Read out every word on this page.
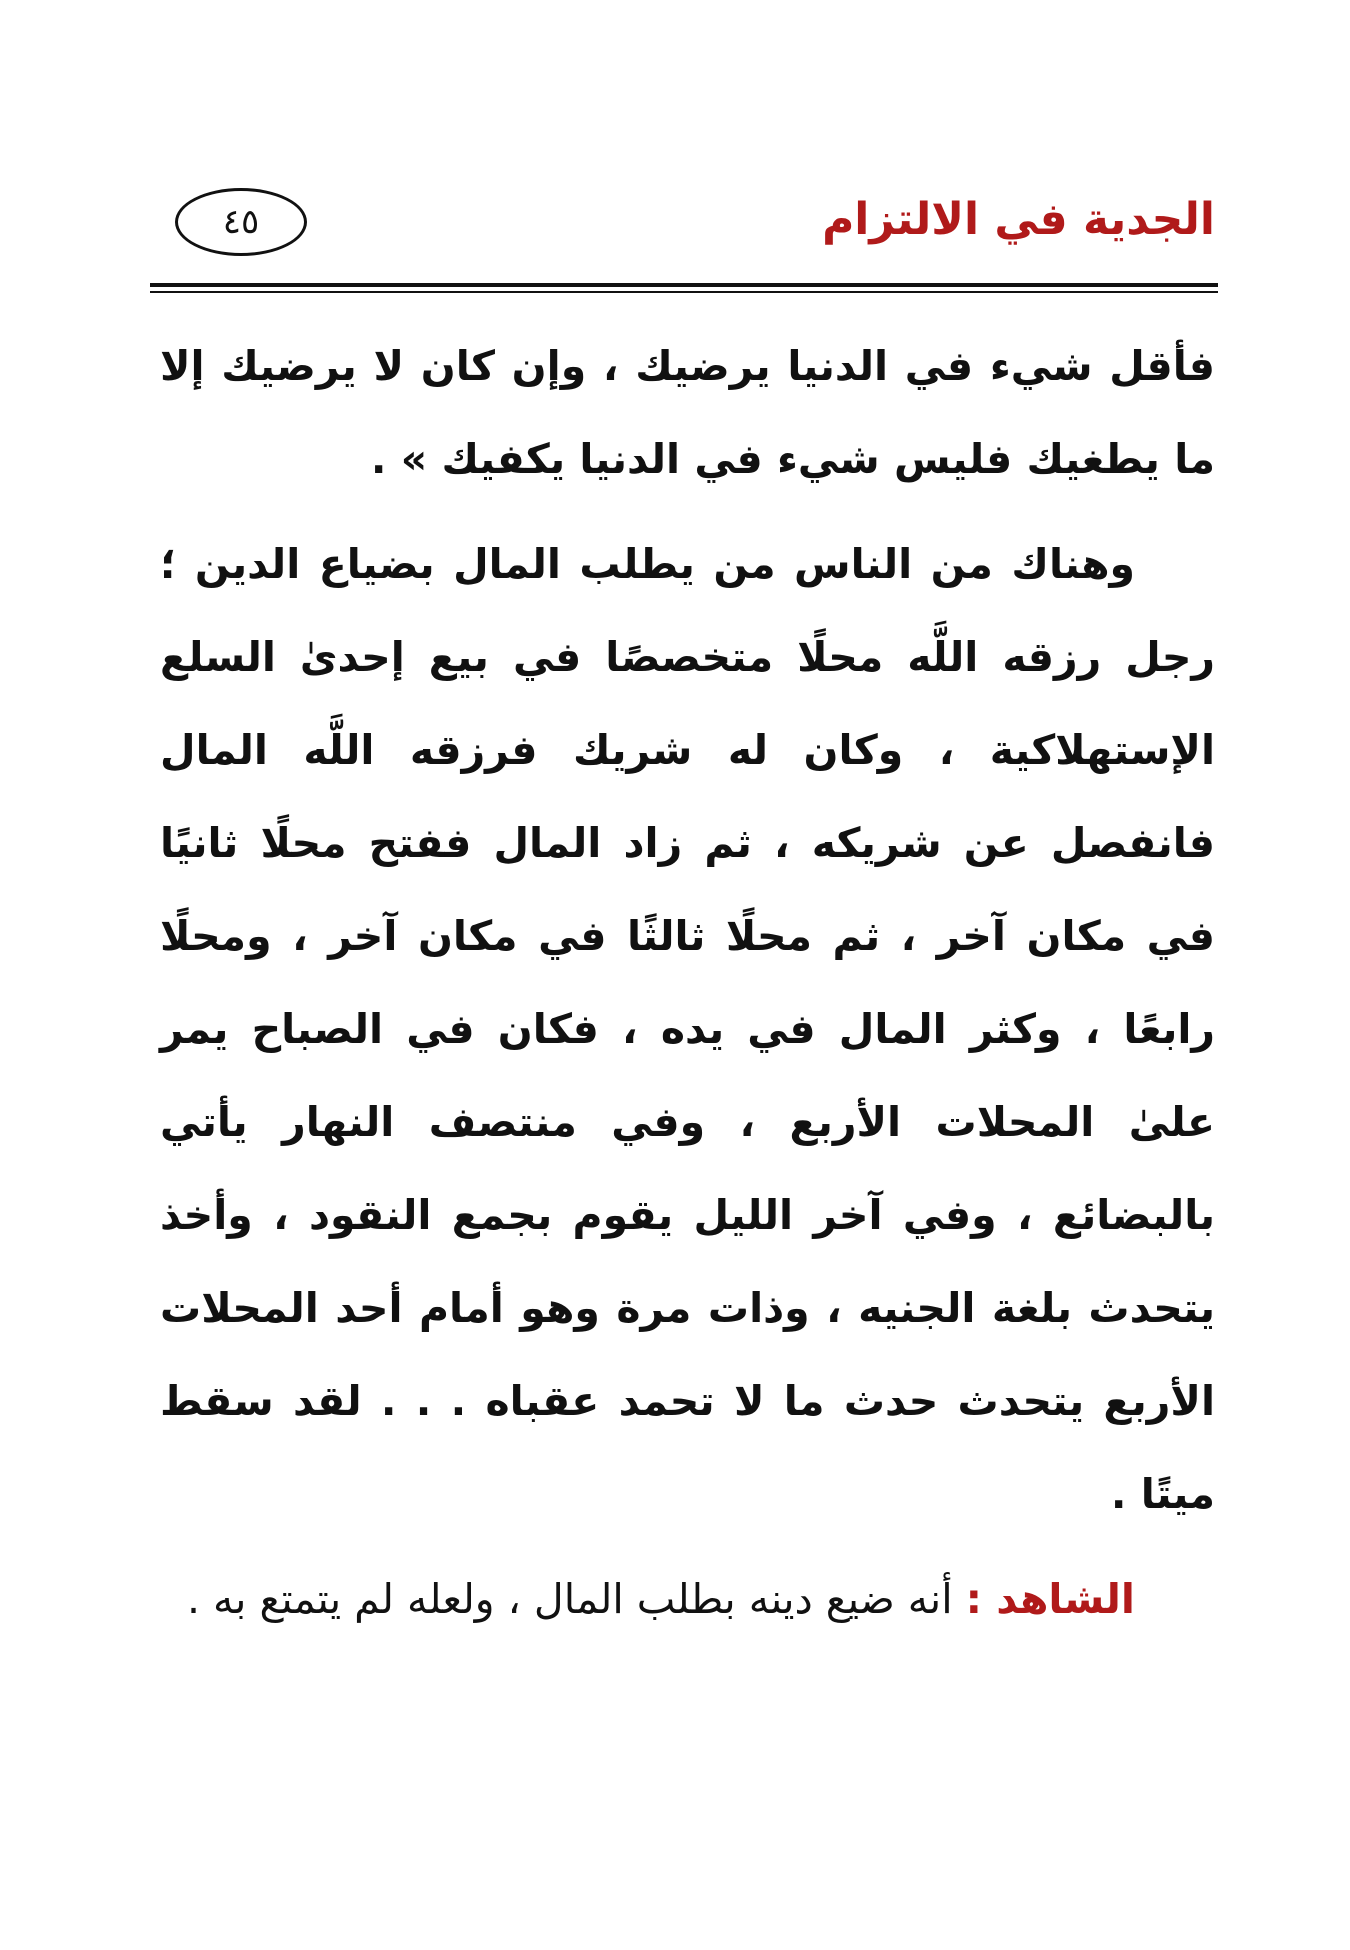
الجدية في الالتزام
٤٥

فأقل شيء في الدنيا يرضيك ، وإن كان لا يرضيك إلا ما يطغيك فليس شيء في الدنيا يكفيك » .

وهناك من الناس من يطلب المال بضياع الدين ؛ رجل رزقه اللَّه محلًا متخصصًا في بيع إحدىٰ السلع الإستهلاكية ، وكان له شريك فرزقه اللَّه المال فانفصل عن شريكه ، ثم زاد المال ففتح محلًا ثانيًا في مكان آخر ، ثم محلًا ثالثًا في مكان آخر ، ومحلًا رابعًا ، وكثر المال في يده ، فكان في الصباح يمر علىٰ المحلات الأربع ، وفي منتصف النهار يأتي بالبضائع ، وفي آخر الليل يقوم بجمع النقود ، وأخذ يتحدث بلغة الجنيه ، وذات مرة وهو أمام أحد المحلات الأربع يتحدث حدث ما لا تحمد عقباه . . . لقد سقط ميتًا .

الشاهد : أنه ضيع دينه بطلب المال ، ولعله لم يتمتع به .
